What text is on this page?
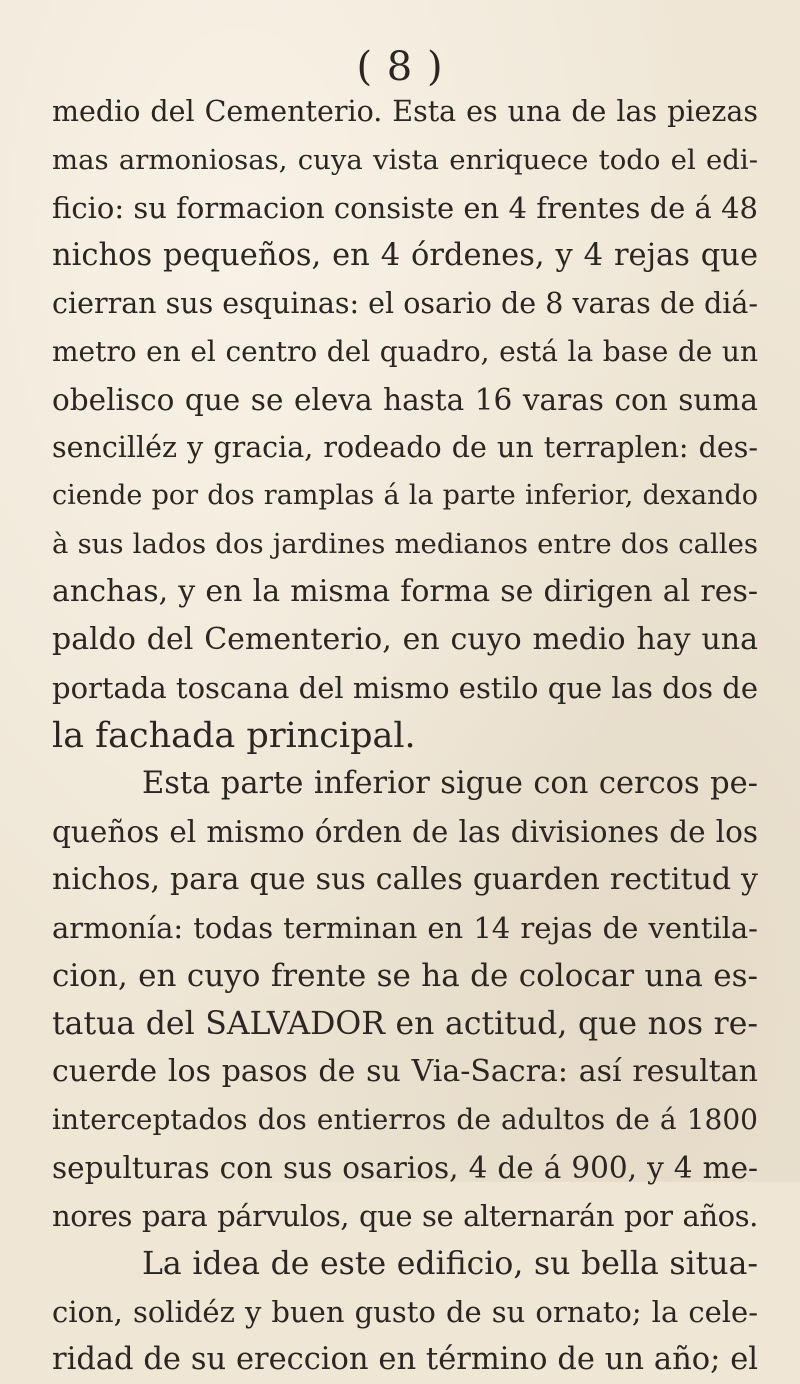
( 8 )
medio del Cementerio. Esta es una de las piezas
mas armoniosas, cuya vista enriquece todo el edi-
ficio: su formacion consiste en 4 frentes de á 48
nichos pequeños, en 4 órdenes, y 4 rejas que
cierran sus esquinas: el osario de 8 varas de diá-
metro en el centro del quadro, está la base de un
obelisco que se eleva hasta 16 varas con suma
sencilléz y gracia, rodeado de un terraplen: des-
ciende por dos ramplas á la parte inferior, dexando
à sus lados dos jardines medianos entre dos calles
anchas, y en la misma forma se dirigen al res-
paldo del Cementerio, en cuyo medio hay una
portada toscana del mismo estilo que las dos de
la fachada principal.
Esta parte inferior sigue con cercos pe-
queños el mismo órden de las divisiones de los
nichos, para que sus calles guarden rectitud y
armonía: todas terminan en 14 rejas de ventila-
cion, en cuyo frente se ha de colocar una es-
tatua del SALVADOR en actitud, que nos re-
cuerde los pasos de su Via-Sacra: así resultan
interceptados dos entierros de adultos de á 1800
sepulturas con sus osarios, 4 de á 900, y 4 me-
nores para párvulos, que se alternarán por años.
La idea de este edificio, su bella situa-
cion, solidéz y buen gusto de su ornato; la cele-
ridad de su ereccion en término de un año; el
